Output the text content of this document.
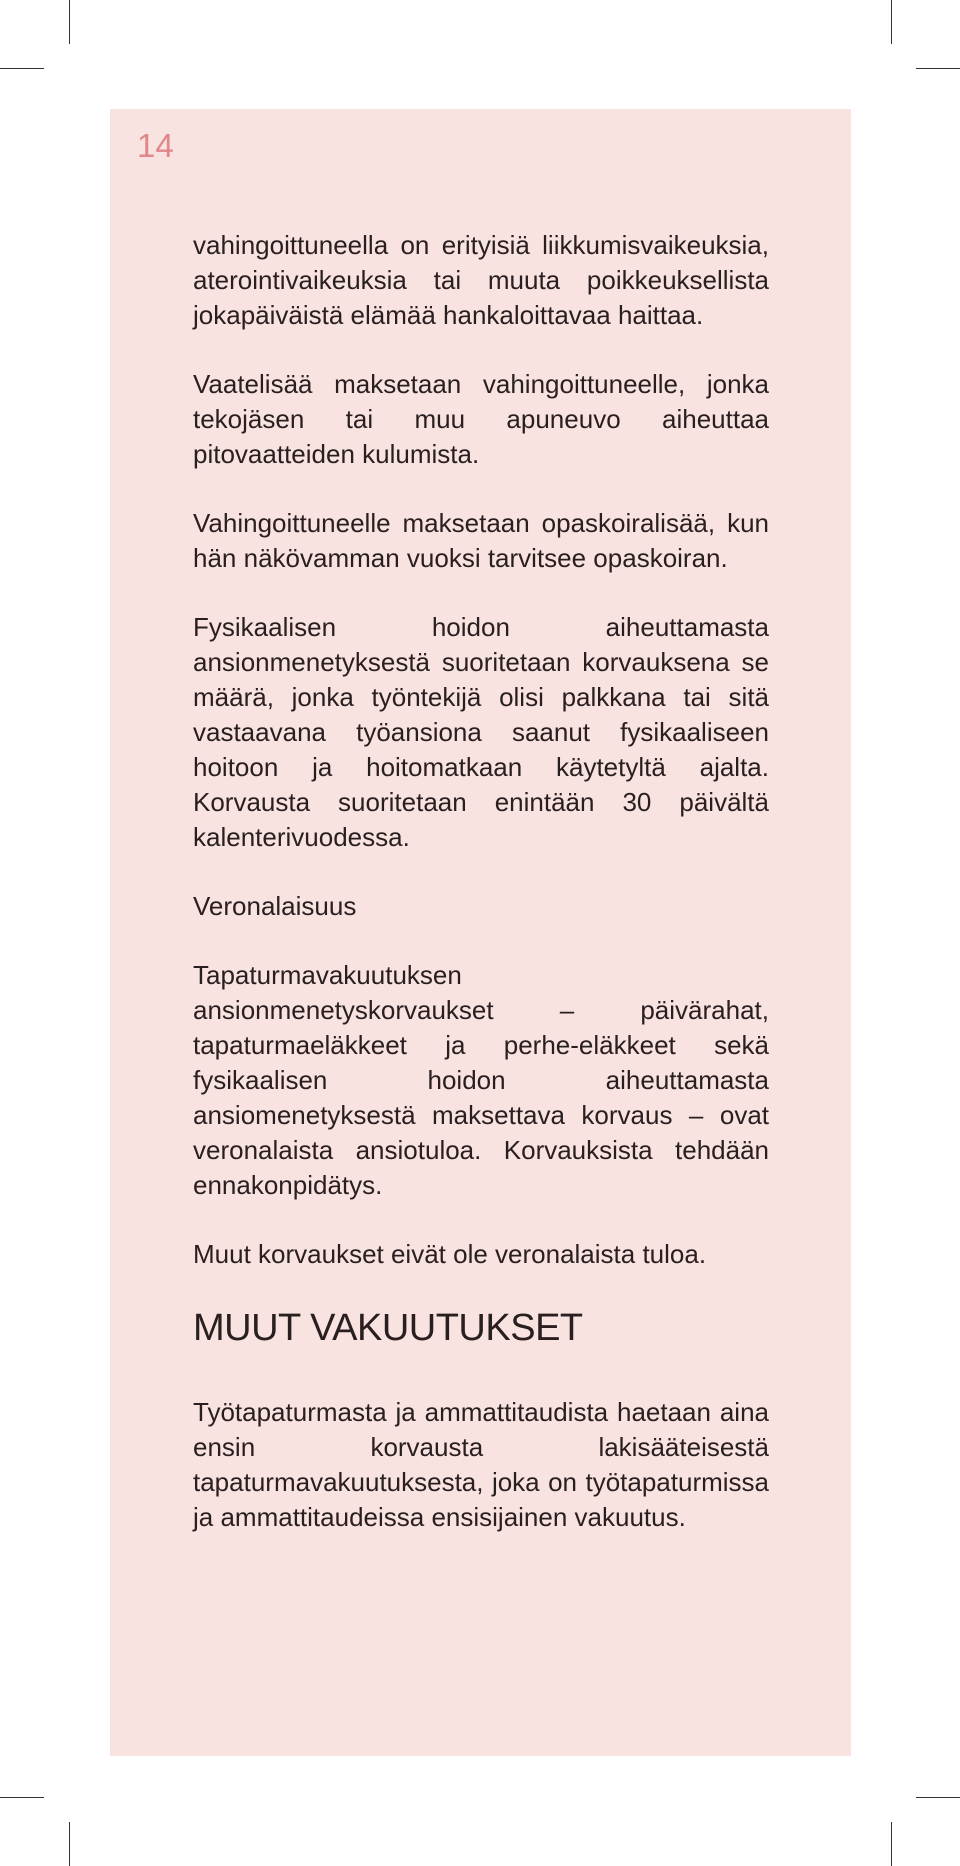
14

vahingoittuneella on erityisiä liikkumisvaikeuksia, aterointivaikeuksia tai muuta poikkeuksellista jokapäiväistä elämää hankaloittavaa haittaa.

Vaatelisää maksetaan vahingoittuneelle, jonka tekojäsen tai muu apuneuvo aiheuttaa pitovaatteiden kulumista.

Vahingoittuneelle maksetaan opaskoiralisää, kun hän näkövamman vuoksi tarvitsee opaskoiran.

Fysikaalisen hoidon aiheuttamasta ansionmenetyksestä suoritetaan korvauksena se määrä, jonka työntekijä olisi palkkana tai sitä vastaavana työansiona saanut fysikaaliseen hoitoon ja hoitomatkaan käytetyltä ajalta. Korvausta suoritetaan enintään 30 päivältä kalenterivuodessa.

Veronalaisuus

Tapaturmavakuutuksen ansionmenetyskorvaukset – päivärahat, tapaturmaeläkkeet ja perhe-eläkkeet sekä fysikaalisen hoidon aiheuttamasta ansiomenetyksestä maksettava korvaus – ovat veronalaista ansiotuloa. Korvauksista tehdään ennakonpidätys.

Muut korvaukset eivät ole veronalaista tuloa.

MUUT VAKUUTUKSET

Työtapaturmasta ja ammattitaudista haetaan aina ensin korvausta lakisääteisestä tapaturmavakuutuksesta, joka on työtapaturmissa ja ammattitaudeissa ensisijainen vakuutus.
